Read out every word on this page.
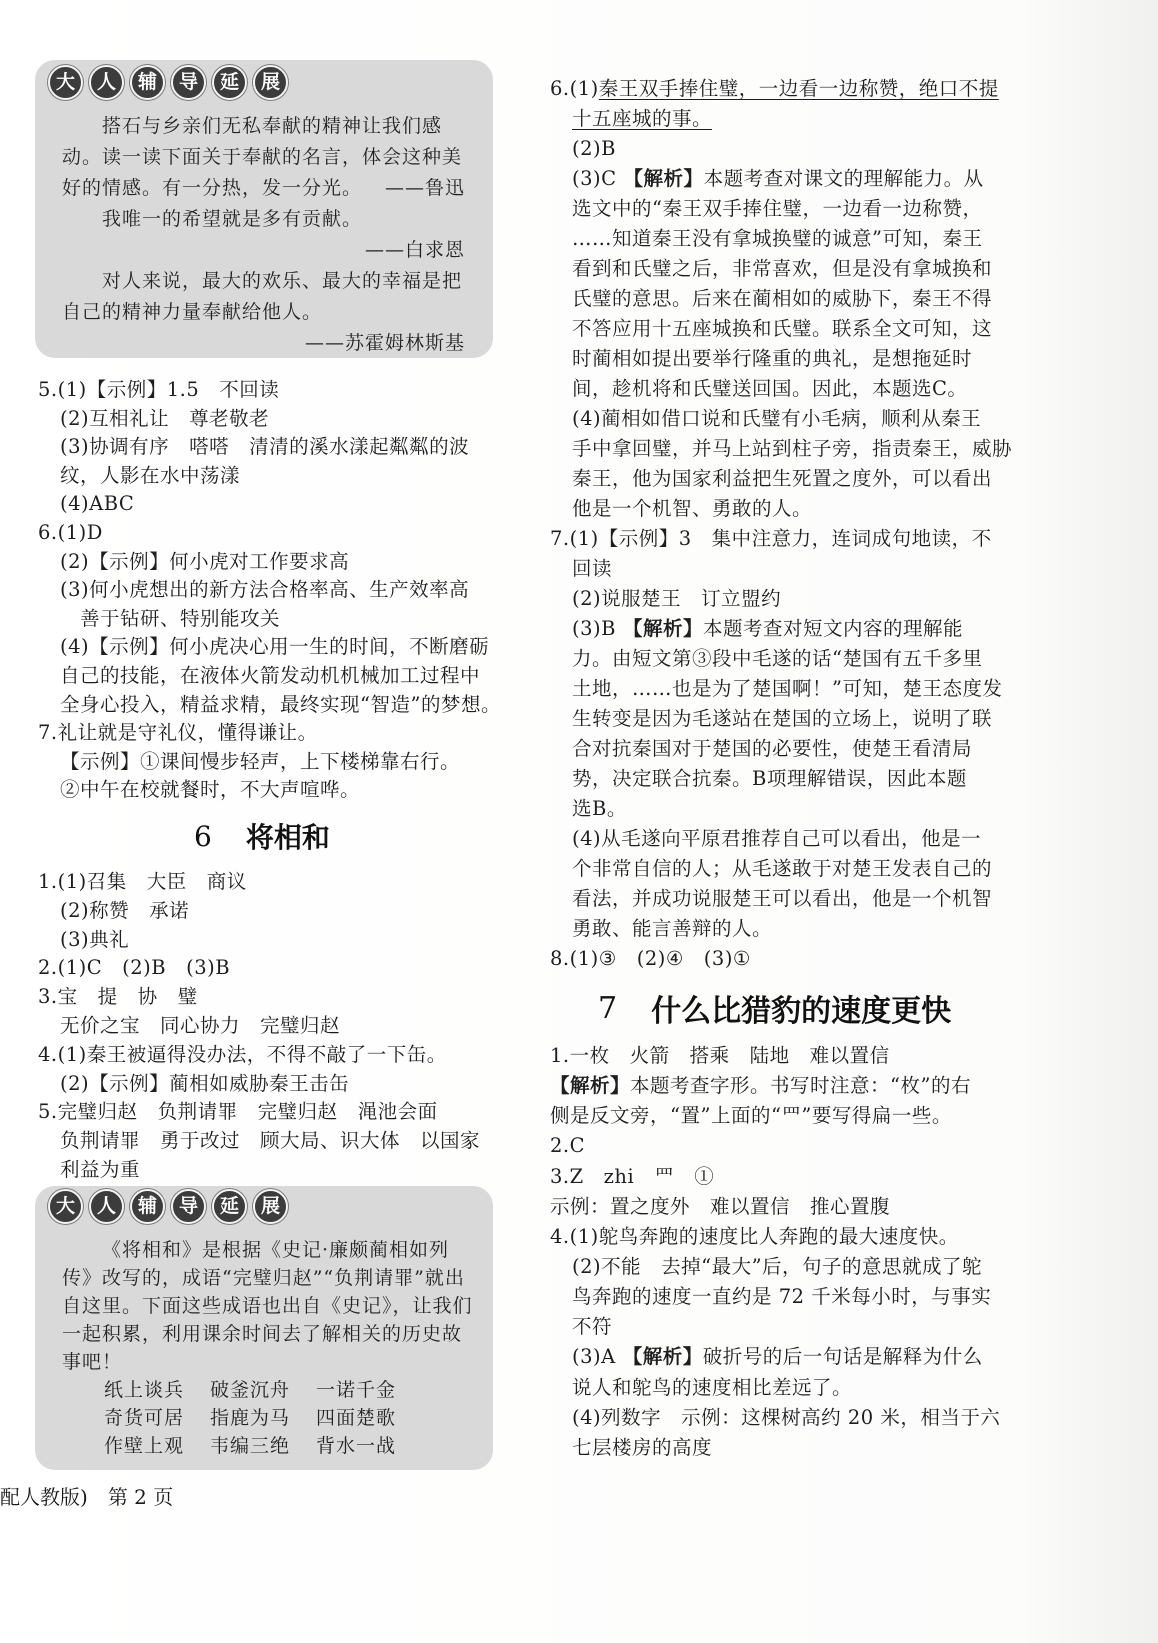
大	人	辅	导	延	展
搭石与乡亲们无私奉献的精神让我们感
动。读一读下面关于奉献的名言，体会这种美
好的情感。有一分热，发一分光。 ——鲁迅
我唯一的希望就是多有贡献。
——白求恩
对人来说，最大的欢乐、最大的幸福是把
自己的精神力量奉献给他人。
——苏霍姆林斯基
5.(1)【示例】1.5　不回读
(2)互相礼让　尊老敬老
(3)协调有序　嗒嗒　清清的溪水漾起粼粼的波
纹，人影在水中荡漾
(4)ABC
6.(1)D
(2)【示例】何小虎对工作要求高
(3)何小虎想出的新方法合格率高、生产效率高
善于钻研、特别能攻关
(4)【示例】何小虎决心用一生的时间，不断磨砺
自己的技能，在液体火箭发动机机械加工过程中
全身心投入，精益求精，最终实现“智造”的梦想。
7.礼让就是守礼仪，懂得谦让。
【示例】①课间慢步轻声，上下楼梯靠右行。
②中午在校就餐时，不大声喧哗。
6 将相和
1.(1)召集　大臣　商议
(2)称赞　承诺
(3)典礼
2.(1)C　(2)B　(3)B
3.宝　提　协　璧
无价之宝　同心协力　完璧归赵
4.(1)秦王被逼得没办法，不得不敲了一下缶。
(2)【示例】蔺相如威胁秦王击缶
5.完璧归赵　负荆请罪　完璧归赵　渑池会面
负荆请罪　勇于改过　顾大局、识大体　以国家
利益为重
大	人	辅	导	延	展
《将相和》是根据《史记·廉颇蔺相如列
传》改写的，成语“完璧归赵”“负荆请罪”就出
自这里。下面这些成语也出自《史记》，让我们
一起积累，利用课余时间去了解相关的历史故
事吧！
纸上谈兵 破釜沉舟 一诺千金
奇货可居 指鹿为马 四面楚歌
作壁上观 韦编三绝 背水一战
配人教版) 第 2 页
6.(1)秦王双手捧住璧，一边看一边称赞，绝口不提
十五座城的事。
(2)B
(3)C 【解析】本题考查对课文的理解能力。从
选文中的“秦王双手捧住璧，一边看一边称赞，
……知道秦王没有拿城换璧的诚意”可知，秦王
看到和氏璧之后，非常喜欢，但是没有拿城换和
氏璧的意思。后来在蔺相如的威胁下，秦王不得
不答应用十五座城换和氏璧。联系全文可知，这
时蔺相如提出要举行隆重的典礼，是想拖延时
间，趁机将和氏璧送回国。因此，本题选C。
(4)蔺相如借口说和氏璧有小毛病，顺利从秦王
手中拿回璧，并马上站到柱子旁，指责秦王，威胁
秦王，他为国家利益把生死置之度外，可以看出
他是一个机智、勇敢的人。
7.(1)【示例】3　集中注意力，连词成句地读，不
回读
(2)说服楚王　订立盟约
(3)B 【解析】本题考查对短文内容的理解能
力。由短文第③段中毛遂的话“楚国有五千多里
土地，……也是为了楚国啊！”可知，楚王态度发
生转变是因为毛遂站在楚国的立场上，说明了联
合对抗秦国对于楚国的必要性，使楚王看清局
势，决定联合抗秦。B项理解错误，因此本题
选B。
(4)从毛遂向平原君推荐自己可以看出，他是一
个非常自信的人；从毛遂敢于对楚王发表自己的
看法，并成功说服楚王可以看出，他是一个机智
勇敢、能言善辩的人。
8.(1)③　(2)④　(3)①
7 什么比猎豹的速度更快
1.一枚　火箭　搭乘　陆地　难以置信
【解析】本题考查字形。书写时注意：“枚”的右
侧是反文旁，“置”上面的“罒”要写得扁一些。
2.C
3.Z　zhi　罒　①
示例：置之度外　难以置信　推心置腹
4.(1)鸵鸟奔跑的速度比人奔跑的最大速度快。
(2)不能　去掉“最大”后，句子的意思就成了鸵
鸟奔跑的速度一直约是 72 千米每小时，与事实
不符
(3)A 【解析】破折号的后一句话是解释为什么
说人和鸵鸟的速度相比差远了。
(4)列数字　示例：这棵树高约 20 米，相当于六
七层楼房的高度
